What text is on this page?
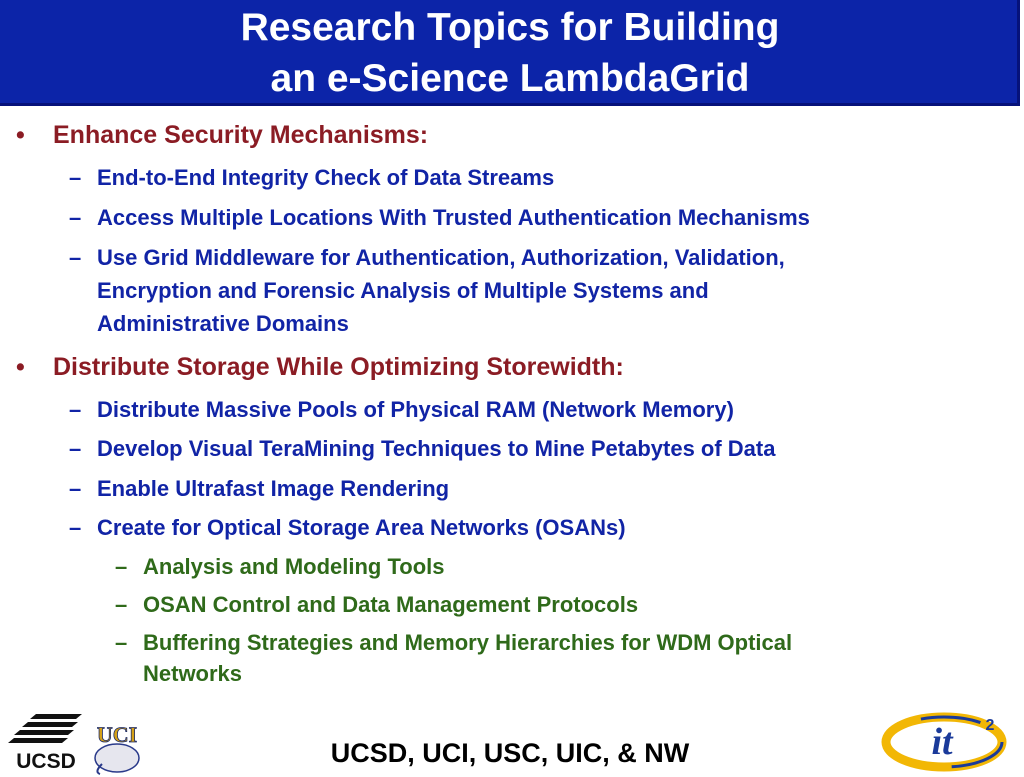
Research Topics for Building
an e-Science LambdaGrid
• Enhance Security Mechanisms:
– End-to-End Integrity Check of Data Streams
– Access Multiple Locations With Trusted Authentication Mechanisms
– Use Grid Middleware for Authentication, Authorization, Validation,
Encryption and Forensic Analysis of Multiple Systems and
Administrative Domains
• Distribute Storage While Optimizing Storewidth:
– Distribute Massive Pools of Physical RAM (Network Memory)
– Develop Visual TeraMining Techniques to Mine Petabytes of Data
– Enable Ultrafast Image Rendering
– Create for Optical Storage Area Networks (OSANs)
– Analysis and Modeling Tools
– OSAN Control and Data Management Protocols
– Buffering Strategies and Memory Hierarchies for WDM Optical
Networks
UCSD
UCI	it 2
UCSD, UCI, USC, UIC, & NW
